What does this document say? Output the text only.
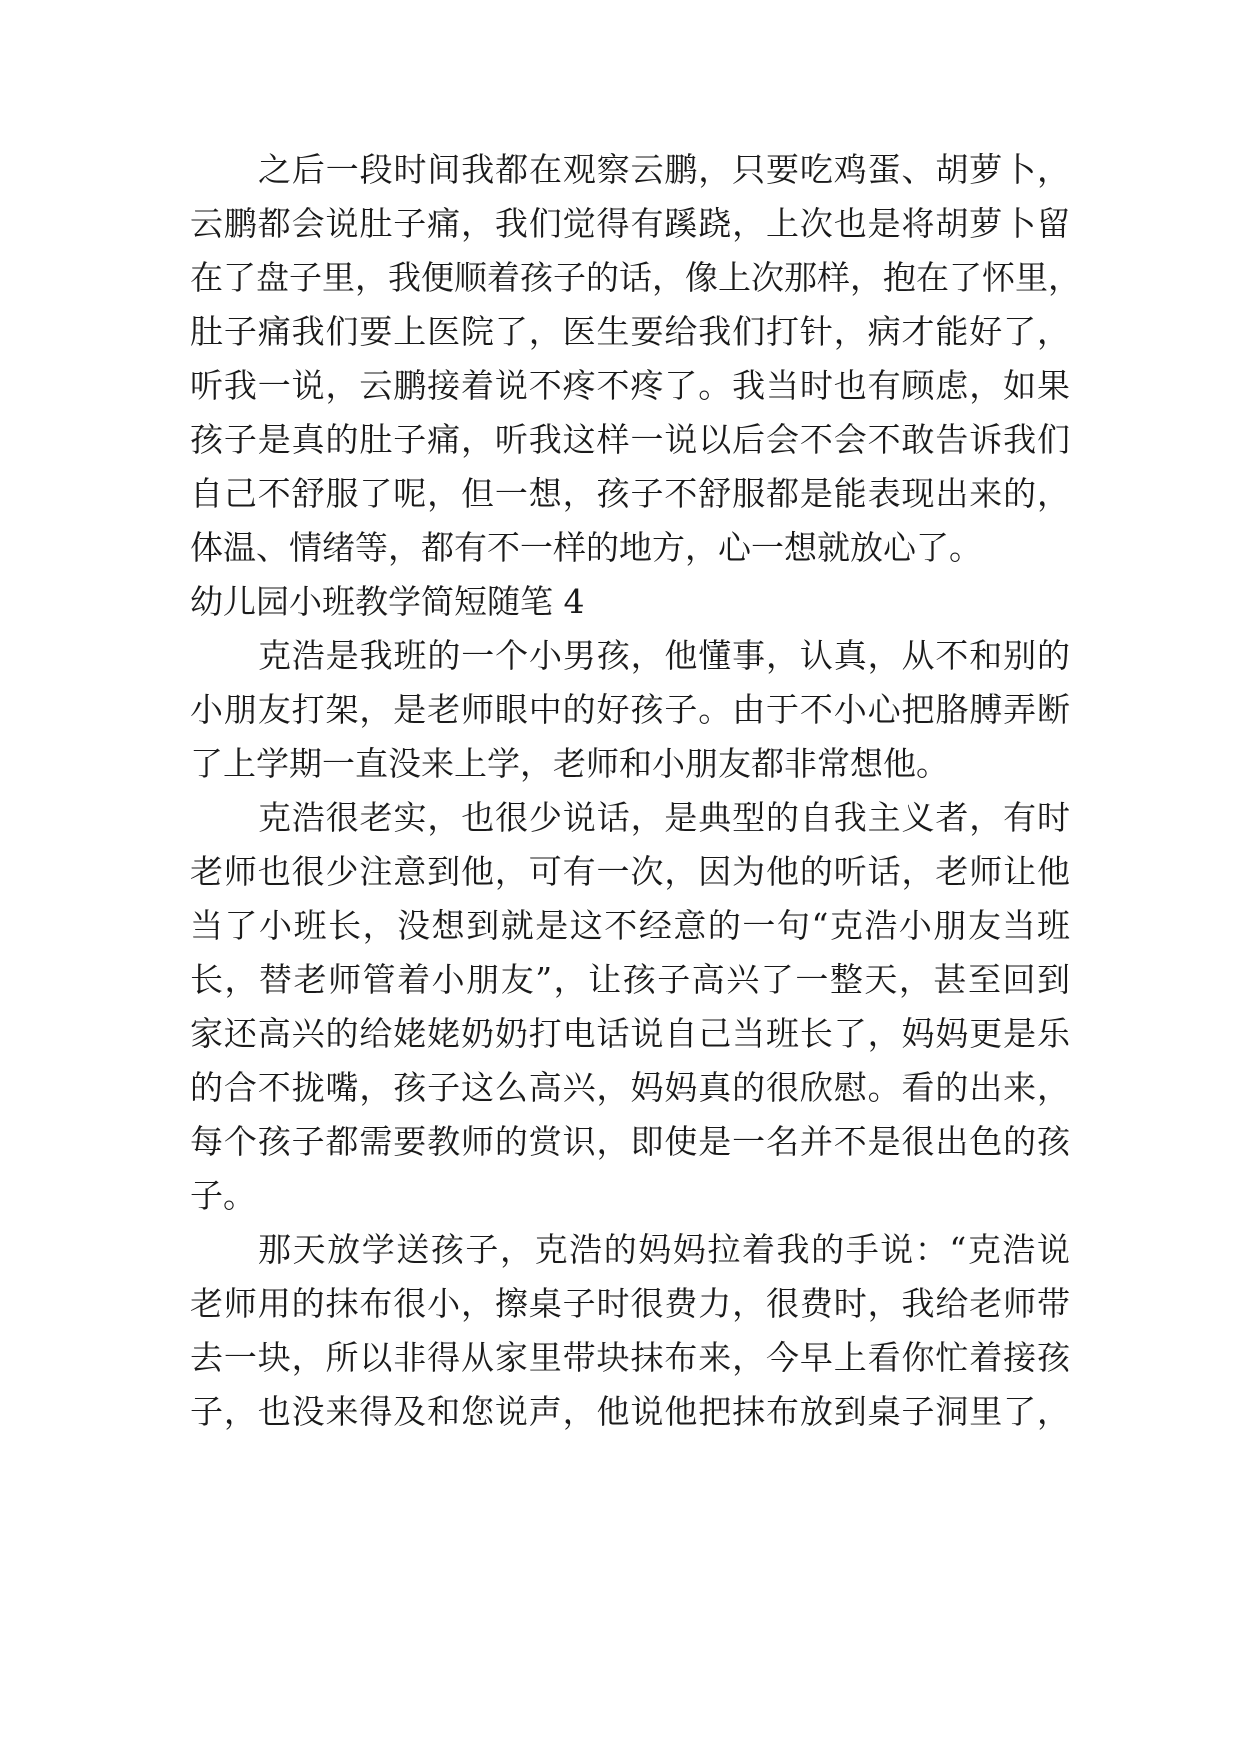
之后一段时间我都在观察云鹏，只要吃鸡蛋、胡萝卜，
云鹏都会说肚子痛，我们觉得有蹊跷，上次也是将胡萝卜留
在了盘子里，我便顺着孩子的话，像上次那样，抱在了怀里，
肚子痛我们要上医院了，医生要给我们打针，病才能好了，
听我一说，云鹏接着说不疼不疼了。我当时也有顾虑，如果
孩子是真的肚子痛，听我这样一说以后会不会不敢告诉我们
自己不舒服了呢，但一想，孩子不舒服都是能表现出来的，
体温、情绪等，都有不一样的地方，心一想就放心了。
幼儿园小班教学简短随笔 4
克浩是我班的一个小男孩，他懂事，认真，从不和别的
小朋友打架，是老师眼中的好孩子。由于不小心把胳膊弄断
了上学期一直没来上学，老师和小朋友都非常想他。
克浩很老实，也很少说话，是典型的自我主义者，有时
老师也很少注意到他，可有一次，因为他的听话，老师让他
当了小班长，没想到就是这不经意的一句“克浩小朋友当班
长，替老师管着小朋友”，让孩子高兴了一整天，甚至回到
家还高兴的给姥姥奶奶打电话说自己当班长了，妈妈更是乐
的合不拢嘴，孩子这么高兴，妈妈真的很欣慰。看的出来，
每个孩子都需要教师的赏识，即使是一名并不是很出色的孩
子。
那天放学送孩子，克浩的妈妈拉着我的手说：“克浩说
老师用的抹布很小，擦桌子时很费力，很费时，我给老师带
去一块，所以非得从家里带块抹布来，今早上看你忙着接孩
子，也没来得及和您说声，他说他把抹布放到桌子洞里了，
